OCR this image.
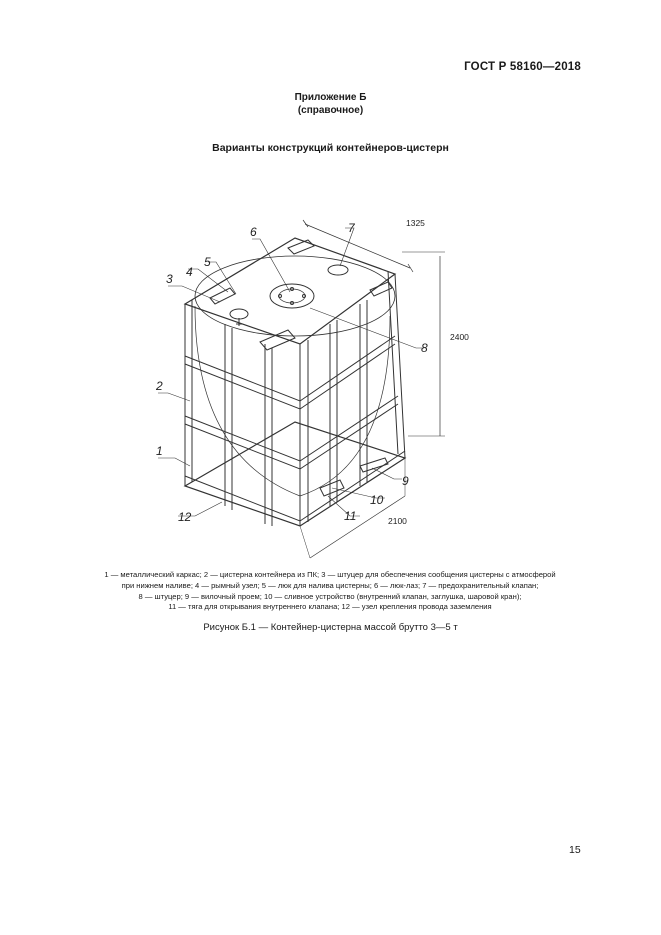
ГОСТ Р 58160—2018
Приложение Б
(справочное)
Варианты конструкций контейнеров-цистерн
1325
2400
2100
1
2
3 4
5
6	7
8
9
10
11
12
1 — металлический каркас; 2 — цистерна контейнера из ПК; 3 — штуцер для обеспечения сообщения цистерны с атмосферой
при нижнем наливе; 4 — рымный узел; 5 — люк для налива цистерны; 6 — люк-лаз; 7 — предохранительный клапан;
8 — штуцер; 9 — вилочный проем; 10 — сливное устройство (внутренний клапан, заглушка, шаровой кран);
11 — тяга для открывания внутреннего клапана; 12 — узел крепления провода заземления
Рисунок Б.1 — Контейнер-цистерна массой брутто 3—5 т
15
